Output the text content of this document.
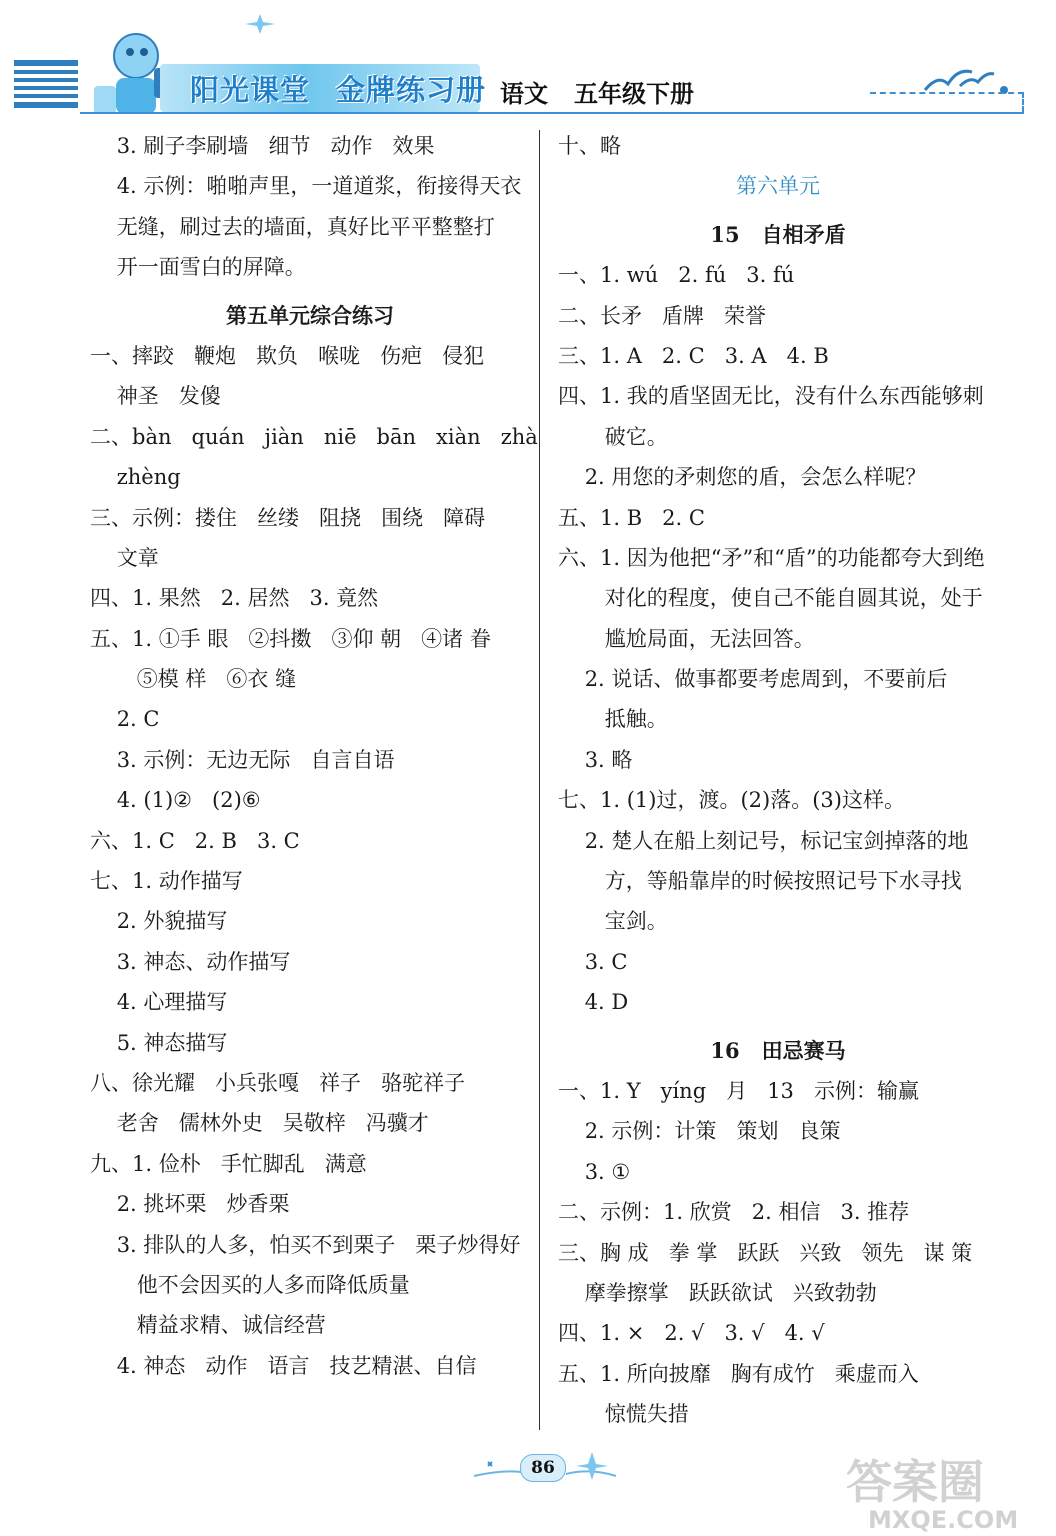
阳光课堂 金牌练习册 语文 五年级下册
3. 刷子李刷墙   细节   动作   效果
4. 示例：啪啪声里，一道道浆，衔接得天衣
无缝，刷过去的墙面，真好比平平整整打
开一面雪白的屏障。
第五单元综合练习
一、摔跤   鞭炮   欺负   喉咙   伤疤   侵犯
神圣   发傻
二、bàn   quán   jiàn   niē   bān   xiàn   zhà
zhèng
三、示例：搂住   丝缕   阻挠   围绕   障碍
文章
四、1. 果然   2. 居然   3. 竟然
五、1. ①手 眼   ②抖擞   ③仰 朝   ④诸 眷
⑤模 样   ⑥衣 缝
2. C
3. 示例：无边无际   自言自语
4. (1)②   (2)⑥
六、1. C   2. B   3. C
七、1. 动作描写
2. 外貌描写
3. 神态、动作描写
4. 心理描写
5. 神态描写
八、徐光耀   小兵张嘎   祥子   骆驼祥子
老舍   儒林外史   吴敬梓   冯骥才
九、1. 俭朴   手忙脚乱   满意
2. 挑坏栗   炒香栗
3. 排队的人多，怕买不到栗子   栗子炒得好
他不会因买的人多而降低质量
精益求精、诚信经营
4. 神态   动作   语言   技艺精湛、自信
十、略
第六单元
15   自相矛盾
一、1. wú   2. fú   3. fú
二、长矛   盾牌   荣誉
三、1. A   2. C   3. A   4. B
四、1. 我的盾坚固无比，没有什么东西能够刺
破它。
2. 用您的矛刺您的盾，会怎么样呢？
五、1. B   2. C
六、1. 因为他把“矛”和“盾”的功能都夸大到绝
对化的程度，使自己不能自圆其说，处于
尴尬局面，无法回答。
2. 说话、做事都要考虑周到，不要前后
抵触。
3. 略
七、1. (1)过，渡。(2)落。(3)这样。
2. 楚人在船上刻记号，标记宝剑掉落的地
方，等船靠岸的时候按照记号下水寻找
宝剑。
3. C
4. D
16   田忌赛马
一、1. Y   yíng   月   13   示例：输赢
2. 示例：计策   策划   良策
3. ①
二、示例：1. 欣赏   2. 相信   3. 推荐
三、胸 成   拳 掌   跃跃   兴致   领先   谋 策
摩拳擦掌   跃跃欲试   兴致勃勃
四、1. ×   2. √   3. √   4. √
五、1. 所向披靡   胸有成竹   乘虚而入
惊慌失措
86	答案圈
MXQE.COM
